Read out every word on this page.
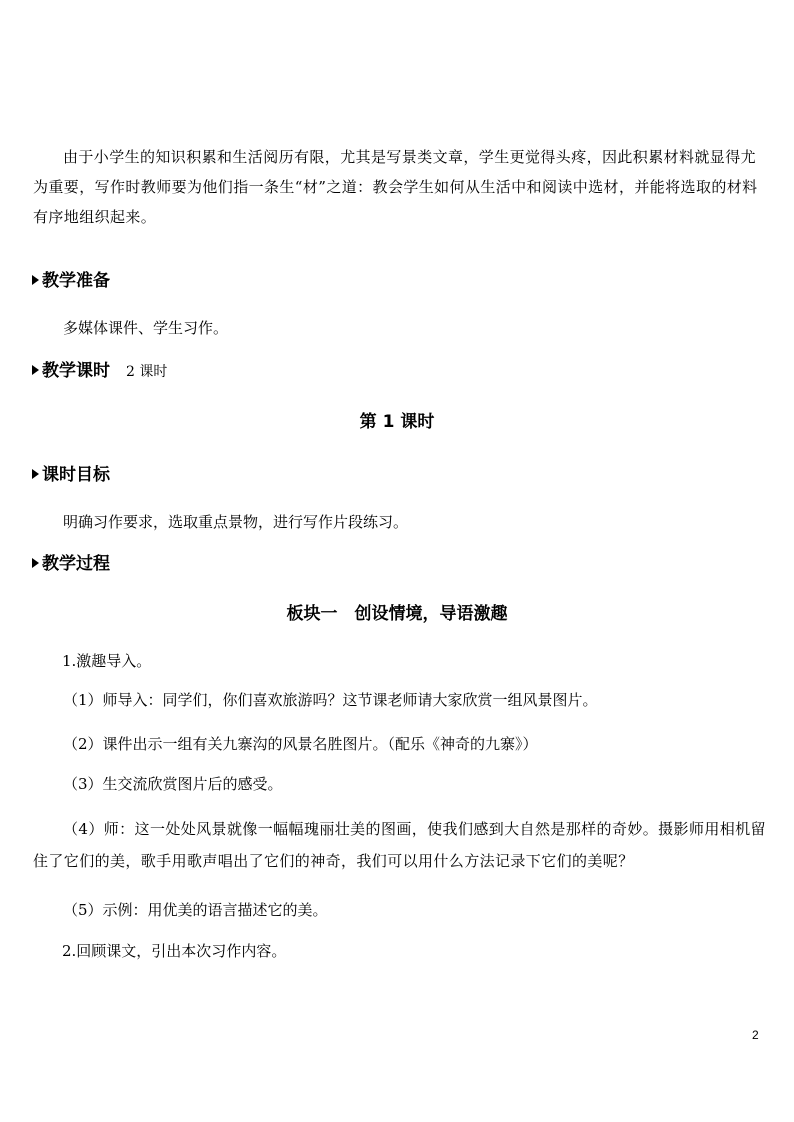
由于小学生的知识积累和生活阅历有限，尤其是写景类文章，学生更觉得头疼，因此积累材料就显得尤为重要，写作时教师要为他们指一条生“材”之道：教会学生如何从生活中和阅读中选材，并能将选取的材料有序地组织起来。

教学准备

多媒体课件、学生习作。

教学课时 2 课时

第 1 课时

课时目标

明确习作要求，选取重点景物，进行写作片段练习。

教学过程

板块一　创设情境，导语激趣

1.激趣导入。

（1）师导入：同学们，你们喜欢旅游吗？这节课老师请大家欣赏一组风景图片。

（2）课件出示一组有关九寨沟的风景名胜图片。（配乐《神奇的九寨》）

（3）生交流欣赏图片后的感受。

（4）师：这一处处风景就像一幅幅瑰丽壮美的图画，使我们感到大自然是那样的奇妙。摄影师用相机留住了它们的美，歌手用歌声唱出了它们的神奇，我们可以用什么方法记录下它们的美呢？

（5）示例：用优美的语言描述它的美。

2.回顾课文，引出本次习作内容。

2
